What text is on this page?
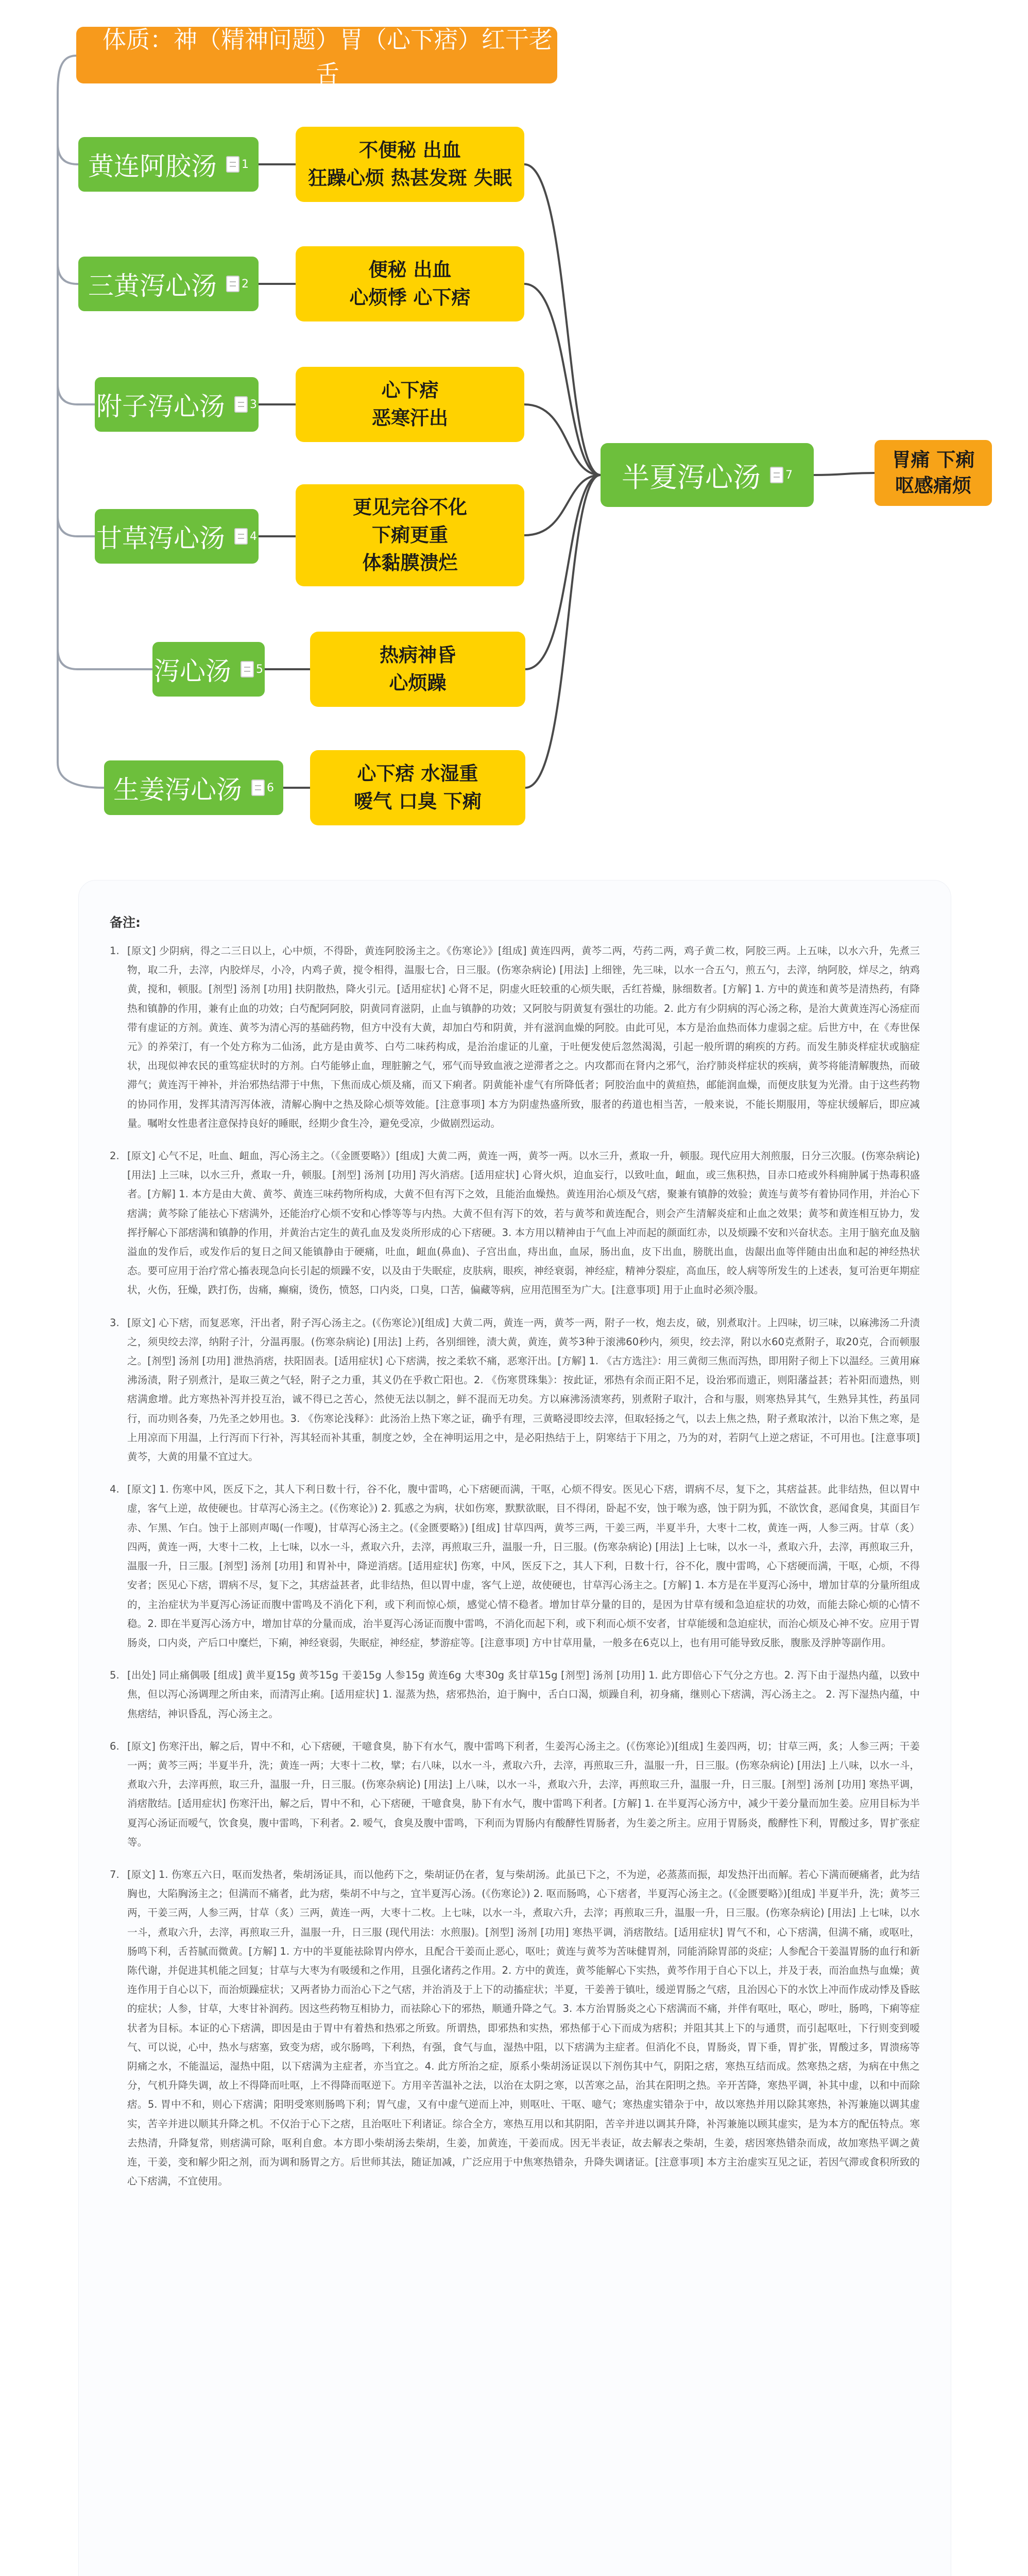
体质：神（精神问题）胃（心下痞）红干老舌
黄连阿胶汤 1
不便秘 出血
狂躁心烦 热甚发斑 失眠
三黄泻心汤 2
便秘 出血
心烦悸 心下痞
附子泻心汤 3
心下痞
恶寒汗出
甘草泻心汤 4
更见完谷不化
下痢更重
体黏膜溃烂
泻心汤 5
热病神昏
心烦躁
生姜泻心汤 6
心下痞 水湿重
嗳气 口臭 下痢
半夏泻心汤 7
胃痛 下痢
呕感痛烦
备注:
1. [原文] 少阴病，得之二三日以上，心中烦，不得卧，黄连阿胶汤主之。《伤寒论》》[组成] 黄连四两，黄芩二两，芍药二两，鸡子黄二枚，阿胶三两。上五味，以水六升，先煮三物，取二升，去滓，内胶烊尽，小冷，内鸡子黄，搅令相得，温服七合，日三服。(伤寒杂病论) [用法] 上细锉，先三味，以水一合五勺，煎五勺，去滓，纳阿胶，烊尽之，纳鸡黄，搅和，顿服。[剂型] 汤剂 [功用] 扶阴散热，降火引元。[适用症状] 心肾不足，阴虚火旺较重的心烦失眠，舌红苔燥，脉细数者。[方解] 1. 方中的黄连和黄芩是清热药，有降热和镇静的作用，兼有止血的功效；白芍配阿阿胶，阴黄同育滋阴，止血与镇静的功效；又阿胶与阴黄复有强壮的功能。2. 此方有少阴病的泻心汤之称，是治大黄黄连泻心汤症而带有虚证的方剂。黄连、黄芩为清心泻的基础药物，但方中没有大黄，却加白芍和阴黄，并有滋润血燥的阿胶。由此可见，本方是治血热而体力虚弱之症。后世方中，在《寿世保元》的养荣汀，有一个处方称为二仙汤，此方是由黄芩、白芍二味药构成，是治治虚证的儿童，于吐便发使后忽然渴渴，引起一般所谓的痢疾的方药。而发生肺炎样症状或脑症状，出现似神农民的重笃症状时的方剂。白芍能够止血，理脏腑之气，邪气而导致血液之逆滞者之之。内攻都而在肾内之邪气，治疗肺炎样症状的疾病，黄芩将能清解腹热，而破滞气；黄连泻干神补，并治邪热结滞于中焦，下焦而成心烦及痛，而又下痢者。阴黄能补虚气有所降低者；阿胶治血中的黄疸热，邮能润血燥，而便皮肤复为光滑。由于这些药物的协同作用，发挥其清泻泻体液，清解心胸中之热及除心烦等效能。[注意事项] 本方为阴虚热盛所致，服者的药道也相当苦，一般来说，不能长期服用，等症状缓解后，即应减量。嘱咐女性患者注意保持良好的睡眠，经期少食生冷，避免受凉，少做剧烈运动。
2. [原文] 心气不足，吐血、衄血，泻心汤主之。（《金匮要略》）[组成] 大黄二两，黄连一两，黄芩一两。以水三升，煮取一升，顿服。现代应用大剂煎服，日分三次服。(伤寒杂病论) [用法] 上三味，以水三升，煮取一升，顿服。[剂型] 汤剂 [功用] 泻火消痞。[适用症状] 心肾火炽，迫血妄行，以致吐血，衄血，或三焦积热，目赤口疮或外科痈肿属于热毒积盛者。[方解] 1. 本方是由大黄、黄芩、黄连三味药物所构成，大黄不但有泻下之效，且能治血燥热。黄连用治心烦及气痞，聚兼有镇静的效验；黄连与黄芩有着协同作用，并治心下痞满；黄芩除了能祛心下痞满外，还能治疗心烦不安和心悸等等与内热。大黄不但有泻下的效，若与黄芩和黄连配合，则会产生清解炎症和止血之效果；黄芩和黄连相互协力，发挥抒解心下部痞满和镇静的作用，并黄治古定生的黄孔血及发炎所形成的心下痞硬。3. 本方用以精神由于气血上冲而起的颜面红赤，以及烦躁不安和兴奋状态。主用于脑充血及脑溢血的发作后，或发作后的复日之间又能镇静由于硬痛，吐血，衄血(鼻血)、子宫出血，痔出血，血尿，肠出血，皮下出血，膀胱出血，齿龈出血等伴随由出血和起的神经热状态。要可应用于治疗常心搐表现急向长引起的烦躁不安，以及由于失眠症，皮肤病，眼疾，神经衰弱，神经症，精神分裂症，高血压，皎人病等所发生的上述表，复可治更年期症状，火伤，狂燥，跌打伤，齿痛，癫痫，烫伤，愤怒，口内炎，口臭，口苦，偏藏等病，应用范围至为广大。[注意事项] 用于止血时必须冷服。
3. [原文] 心下痞，而复恶寒，汗出者，附子泻心汤主之。(《伤寒论》)[组成] 大黄二两，黄连一两，黄芩一两，附子一枚，炮去皮，破，别煮取汁。上四味，切三味，以麻沸汤二升渍之，须臾绞去滓，纳附子汁，分温再服。(伤寒杂病论) [用法] 上药，各别细锉，渍大黄，黄连，黄芩3种于滚沸60秒内，须臾，绞去滓，附以水60克煮附子，取20克，合而顿服之。[剂型] 汤剂 [功用] 泄热消痞，扶阳固表。[适用症状] 心下痞满，按之柔软不痛，恶寒汗出。[方解] 1. 《古方选注》：用三黄彻三焦而泻热，即用附子彻上下以温经。三黄用麻沸汤渍，附子别煮汁，是取三黄之气轻，附子之力重，其义仍在乎救亡阳也。2. 《伤寒贯珠集》：按此证，邪热有余而正阳不足，设治邪而遗正，则阳藩益甚；若补阳而遗热，则痞满愈增。此方寒热补泻并投互治，诚不得已之苦心，然使无法以制之，鲜不混而无功矣。方以麻沸汤渍寒药，别煮附子取汁，合和与服，则寒热异其气，生熟异其性，药虽同行，而功则各奏，乃先圣之妙用也。3. 《伤寒论浅释》：此汤治上热下寒之证，确乎有理，三黄略浸即绞去滓，但取轻扬之气，以去上焦之热，附子煮取浓汁，以治下焦之寒，是上用凉而下用温，上行泻而下行补，泻其轻而补其重，制度之妙，全在神明运用之中，是必阳热结于上，阴寒结于下用之，乃为的对，若阴气上逆之痞证，不可用也。[注意事项] 黄芩，大黄的用量不宜过大。
4. [原文] 1. 伤寒中风，医反下之，其人下利日数十行，谷不化，腹中雷鸣，心下痞硬而满，干呕，心烦不得安。医见心下痞，谓病不尽，复下之，其痞益甚。此非结热，但以胃中虚，客气上逆，故使硬也。甘草泻心汤主之。(《伤寒论》) 2. 狐惑之为病，状如伤寒，默默欲眠，目不得闭，卧起不安，蚀于喉为惑，蚀于阴为狐，不欲饮食，恶闻食臭，其面目乍赤、乍黑、乍白。蚀于上部则声喝(一作嗄)，甘草泻心汤主之。(《金匮要略》) [组成] 甘草四两，黄芩三两，干姜三两，半夏半升，大枣十二枚，黄连一两，人参三两。甘草（炙）四两，黄连一两，大枣十二枚，上七味，以水一斗，煮取六升，去滓，再煎取三升，温服一升，日三服。(伤寒杂病论) [用法] 上七味，以水一斗，煮取六升，去滓，再煎取三升，温服一升，日三服。[剂型] 汤剂 [功用] 和胃补中，降逆消痞。[适用症状] 伤寒，中风，医反下之，其人下利，日数十行，谷不化，腹中雷鸣，心下痞硬而满，干呕，心烦，不得安者；医见心下痞，谓病不尽，复下之，其痞益甚者，此非结热，但以胃中虚，客气上逆，故使硬也，甘草泻心汤主之。[方解] 1. 本方是在半夏泻心汤中，增加甘草的分量所组成的，主治症状为半夏泻心汤证而腹中雷鸣及不消化下利，或下利而惊心烦，感觉心情不稳者。增加甘草分量的目的，是因为甘草有缓和急迫症状的功效，而能去除心烦的心情不稳。2. 即在半夏泻心汤方中，增加甘草的分量而成，治半夏泻心汤证而腹中雷鸣，不消化而起下利，或下利而心烦不安者，甘草能缓和急迫症状，而治心烦及心神不安。应用于胃肠炎，口内炎，产后口中糜烂，下痢，神经衰弱，失眠症，神经症，梦游症等。[注意事项] 方中甘草用量，一般多在6克以上，也有用可能导致反胀，腹胀及浮肿等副作用。
5. [出处] 同止痛偶吸 [组成] 黄半夏15g 黄芩15g 干姜15g 人参15g 黄连6g 大枣30g 炙甘草15g [剂型] 汤剂 [功用] 1. 此方即倍心下气分之方也。2. 泻下由于湿热内蕴，以致中焦，但以泻心汤调理之所由来，而清泻止痢。[适用症状] 1. 湿蒸为热，痞邪热治，迫于胸中，舌白口渴，烦躁自利，初身痛，继则心下痞满，泻心汤主之。 2. 泻下湿热内蕴，中焦痞结，神识昏乱，泻心汤主之。
6. [原文] 伤寒汗出，解之后，胃中不和，心下痞硬，干噫食臭，胁下有水气，腹中雷鸣下利者，生姜泻心汤主之。(《伤寒论》)[组成] 生姜四两，切；甘草三两，炙；人参三两；干姜一两；黄芩三两；半夏半升，洗；黄连一两；大枣十二枚，擘；右八味，以水一斗，煮取六升，去滓，再煎取三升，温服一升，日三服。(伤寒杂病论) [用法] 上八味，以水一斗，煮取六升，去滓再煎，取三升，温服一升，日三服。(伤寒杂病论) [用法] 上八味，以水一斗，煮取六升，去滓，再煎取三升，温服一升，日三服。[剂型] 汤剂 [功用] 寒热平调，消痞散结。[适用症状] 伤寒汗出，解之后，胃中不和，心下痞硬，干噫食臭，胁下有水气，腹中雷鸣下利者。[方解] 1. 在半夏泻心汤方中，减少干姜分量而加生姜。应用目标为半夏泻心汤证而嗳气，饮食臭，腹中雷鸣，下利者。2. 嗳气，食臭及腹中雷鸣，下利而为胃肠内有酸酵性胃肠者，为生姜之所主。应用于胃肠炎，酸酵性下利，胃酸过多，胃扩张症等。
7. [原文] 1. 伤寒五六日，呕而发热者，柴胡汤证具，而以他药下之，柴胡证仍在者，复与柴胡汤。此虽已下之，不为逆，必蒸蒸而振，却发热汗出而解。若心下满而硬痛者，此为结胸也，大陷胸汤主之；但满而不痛者，此为痞，柴胡不中与之，宜半夏泻心汤。(《伤寒论》) 2. 呕而肠鸣，心下痞者，半夏泻心汤主之。(《金匮要略》)[组成] 半夏半升，洗；黄芩三两，干姜三两，人参三两，甘草（炙）三两，黄连一两，大枣十二枚。上七味，以水一斗，煮取六升，去滓；再煎取三升，温服一升，日三服。(伤寒杂病论) [用法] 上七味，以水一斗，煮取六升，去滓，再煎取三升，温服一升，日三服 (现代用法：水煎服)。[剂型] 汤剂 [功用] 寒热平调，消痞散结。[适用症状] 胃气不和，心下痞满，但满不痛，或呕吐，肠鸣下利，舌苔腻而微黄。[方解] 1. 方中的半夏能祛除胃内停水，且配合干姜而止恶心，呕吐；黄连与黄芩为苦味健胃剂，同能消除胃部的炎症；人参配合干姜温胃肠的血行和新陈代谢，并促进其机能之回复；甘草与大枣为有吸缓和之作用，且强化诸药之作用。2. 方中的黄连，黄芩能解心下实热，黄芩作用于自心下以上，并及于表，而治血热与血燥；黄连作用于自心以下，而治烦躁症状；又两者协力而治心下之气痞，并治消及于上下的动搐症状；半夏，干姜善于镇吐，缓逆胃肠之气痞，且治因心下的水饮上冲而作成动悸及昏眩的症状；人参，甘草，大枣甘补润药。因这些药物互相协力，而祛除心下的邪热，顺通升降之气。3. 本方治胃肠炎之心下痞满而不痛，并伴有呕吐，呕心，哕吐，肠鸣，下痢等症状者为目标。本证的心下痞满，即因是由于胃中有着热和热邪之所致。所谓热，即邪热和实热，邪热郁于心下而成为痞积；并阻其其上下的与通贯，而引起呕吐，下行则变到嗳气、可以说，心中，热水与痞塞，致变为痞，或尔肠鸣，下利热，有强，食气与血，湿热中阻，以下痞满为主症者。但消化不良，胃肠炎，胃下垂，胃扩张，胃酸过多，胃溃疡等阴痛之水，不能温运，湿热中阻，以下痞满为主症者，亦当宜之。4. 此方所治之症，原系小柴胡汤证误以下剂伤其中气，阴阳之痞，寒热互结而成。然寒热之痞，为病在中焦之分，气机升降失调，故上不得降而吐呕，上不得降而呕逆下。方用辛苦温补之法，以治在太阴之寒，以苦寒之品，治其在阳明之热。辛开苦降，寒热平调，补其中虚，以和中而除痞。5. 胃中不和，则心下痞满；阳明受寒则肠鸣下利；胃气虚，又有中虚气逆而上冲，则呕吐、干呕、噫气；寒热虚实错杂于中，故以寒热并用以除其寒热，补泻兼施以调其虚实，苦辛并进以顺其升降之机。不仅治于心下之痞，且治呕吐下利诸证。综合全方，寒热互用以和其阴阳，苦辛并进以调其升降，补泻兼施以顾其虚实，是为本方的配伍特点。寒去热清，升降复常，则痞满可除，呕利自愈。本方即小柴胡汤去柴胡，生姜，加黄连，干姜而成。因无半表证，故去解表之柴胡，生姜，痞因寒热错杂而成，故加寒热平调之黄连，干姜，变和解少阳之剂，而为调和肠胃之方。后世师其法，随证加减，广泛应用于中焦寒热错杂，升降失调诸证。[注意事项] 本方主治虚实互见之证，若因气滞或食积所致的心下痞满，不宜使用。
